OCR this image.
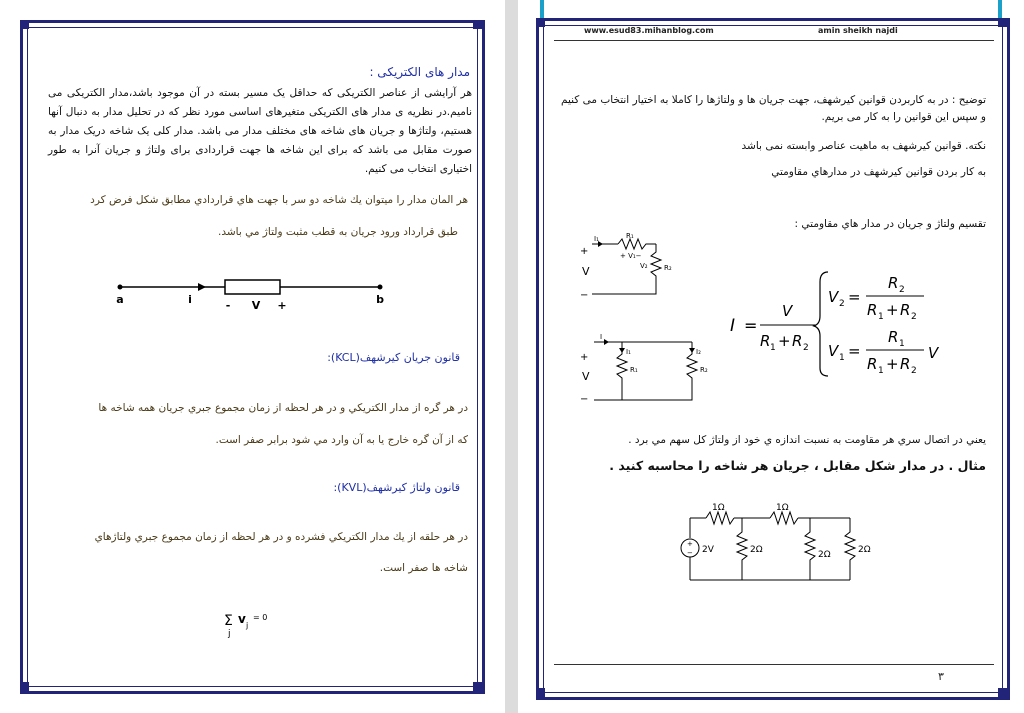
مدار های الکتریکی :
هر آرایشی از عناصر الکتریکی که حداقل یک مسیر بسته در آن موجود باشد،مدار الکتریکی می نامیم.در نظریه ی مدار های الکتریکی متغیرهای اساسی مورد نظر که در تحلیل مدار به دنبال آنها هستیم، ولتاژها و جریان های شاخه های مختلف مدار می باشد. مدار کلی یک شاخه دریک مدار به صورت مقابل می باشد که برای این شاخه ها جهت قراردادی برای ولتاژ و جریان آنرا به طور اختیاری انتخاب می کنیم.
هر المان مدار را ميتوان يك شاخه دو سر با جهت هاي قراردادي مطابق شكل فرض كرد
طبق قرارداد ورود جريان به قطب مثبت ولتاژ مي باشد.
a	i	- V +	b
قانون جريان كيرشهف(KCL):
در هر گره از مدار الكتريكي و در هر لحظه از زمان مجموع جبري جريان همه شاخه ها
كه از آن گره خارج يا به آن وارد مي شود برابر صفر است.
قانون ولتاژ كيرشهف(KVL):
در هر حلقه از يك مدار الكتريكي فشرده و در هر لحظه از زمان مجموع جبري ولتاژهاي
شاخه ها صفر است.
Σ
j
v j
= 0
www.esud83.mihanblog.com	amin sheikh najdi
توضیح : در به کاربردن قوانین کیرشهف، جهت جریان ها و ولتاژها را کاملا به اختیار انتخاب می کنیم و سپس این قوانین را به کار می بریم.
نکته. قوانین کیرشهف به ماهیت عناصر وابسته نمی باشد
به كار بردن قوانين كيرشهف در مدارهاي مقاومتي
تقسيم ولتاژ و جريان در مدار هاي مقاومتي :
I₁	R₁
+ V₁−
V₂ R₂
+
V
−
I
I₁	I₂
R₁	R₂
+
V
−
I =
V
R 1 + R 2
V 2 =
R 2
R 1 + R 2
V 1 =
R 1
R 1 + R 2
V
يعني در اتصال سري هر مقاومت به نسبت اندازه ي خود از ولتاژ كل سهم مي برد .
مثال . در مدار شکل مقابل ، جریان هر شاخه را محاسبه کنید .
+
−
1Ω	1Ω
2V	2Ω	2Ω	2Ω
٣
